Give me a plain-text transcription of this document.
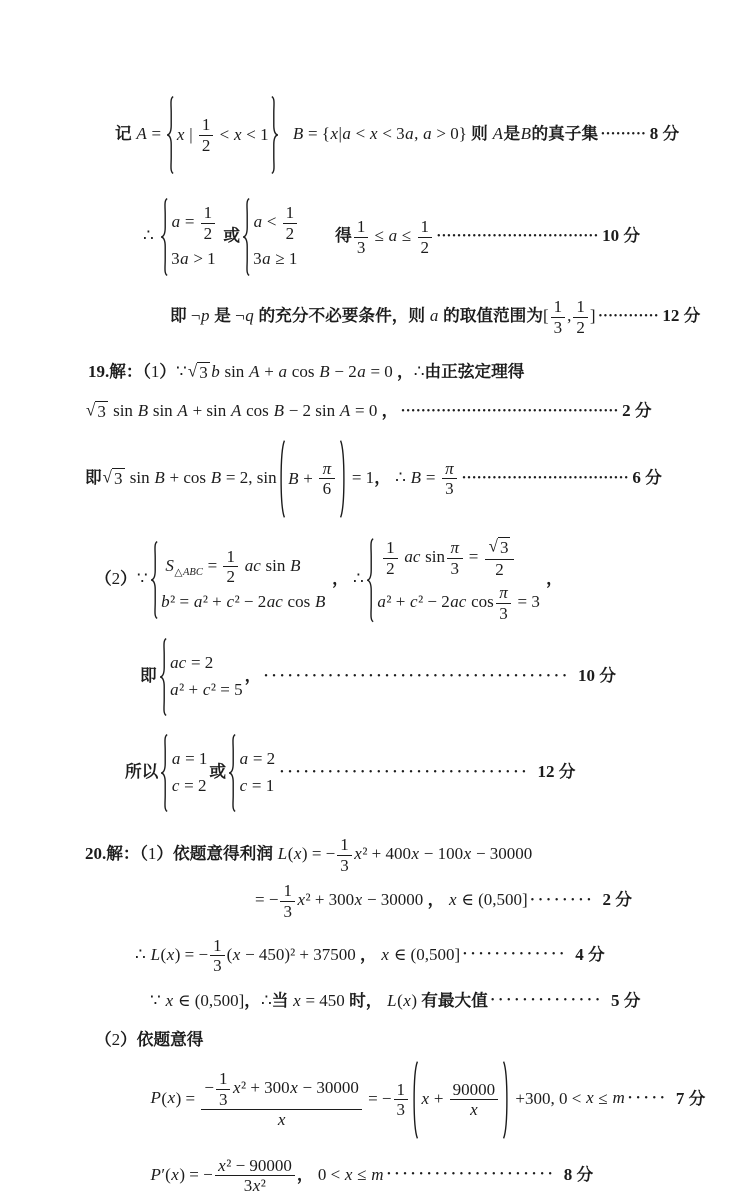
记 A = x | $\frac{1}{2} < x < 1$ B = {x|a < x < 3a, a > 0} 则 A是B的真子集 ••••••••• 8 分
∴
$a = \frac{1}{2}$
3a > 1
或
$a < \frac{1}{2}$
3a ≥ 1
得 $\frac{1}{3} \le a \le \frac{1}{2}$ •••••••••••••••••••••••••••••••• 10 分
即 ¬p 是 ¬q 的充分不必要条件，则 a 的取值范围为[ $\frac{1}{3}$ , $\frac{1}{2}$ ] •••••••••••• 12 分
19.解：（1）∵ √ 3 b sin A + a cos B − 2a = 0 ，∴由正弦定理得
√ 3 sin B sin A + sin A cos B − 2 sin A = 0 ， ••••••••••••••••••••••••••••••••••••••••••• 2 分
即 √ 3 sin B + cos B = 2, $\sin B + \frac{\pi}{6} = 1$， ∴ $B = \frac{\pi}{3}$ ••••••••••••••••••••••••••••••••• 6 分
（2）∵
$S_{\triangle ABC} = \frac{1}{2}$ ac sin B
b² = a² + c² − 2ac cos B
， ∴

$\frac{1}{2}$ ac $\sin \frac{\pi}{3} = \frac{√ 3}{2}$
a² + c² − 2ac $\cos \frac{\pi}{3} = 3$
，
即
ac = 2
a² + c² = 5
， •••••••••••••••••••••••••••••••••••••• 10 分
所以
a = 1
c = 2
或
a = 2
c = 1
••••••••••••••••••••••••••••••• 12 分
20.解：（1）依题意得利润 L(x) = − $\frac{1}{3} x^2 + 400x - 100x - 30000$
= − $\frac{1}{3} x^2 + 300x - 30000$ ， x ∈ (0,500] •••••••• 2 分
∴ L(x) = − $\frac{1}{3} (x - 450)^2 + 37500$ ， x ∈ (0,500] ••••••••••••• 4 分
∵ x ∈ (0,500]，∴当 x = 450 时， L(x) 有最大值 •••••••••••••• 5 分
（2）依题意得
$P(x) = \frac{- \frac{1}{3} x^2 + 300x - 30000}{x}$ = − $\frac{1}{3}$ $x + \frac{90000}{x} +300$, 0 < x ≤ m ••••• 7 分
P′(x) = − $\frac{\text{x² − 90000}}{\text{3x²}}$ ， 0 < x ≤ m ••••••••••••••••••••• 8 分
